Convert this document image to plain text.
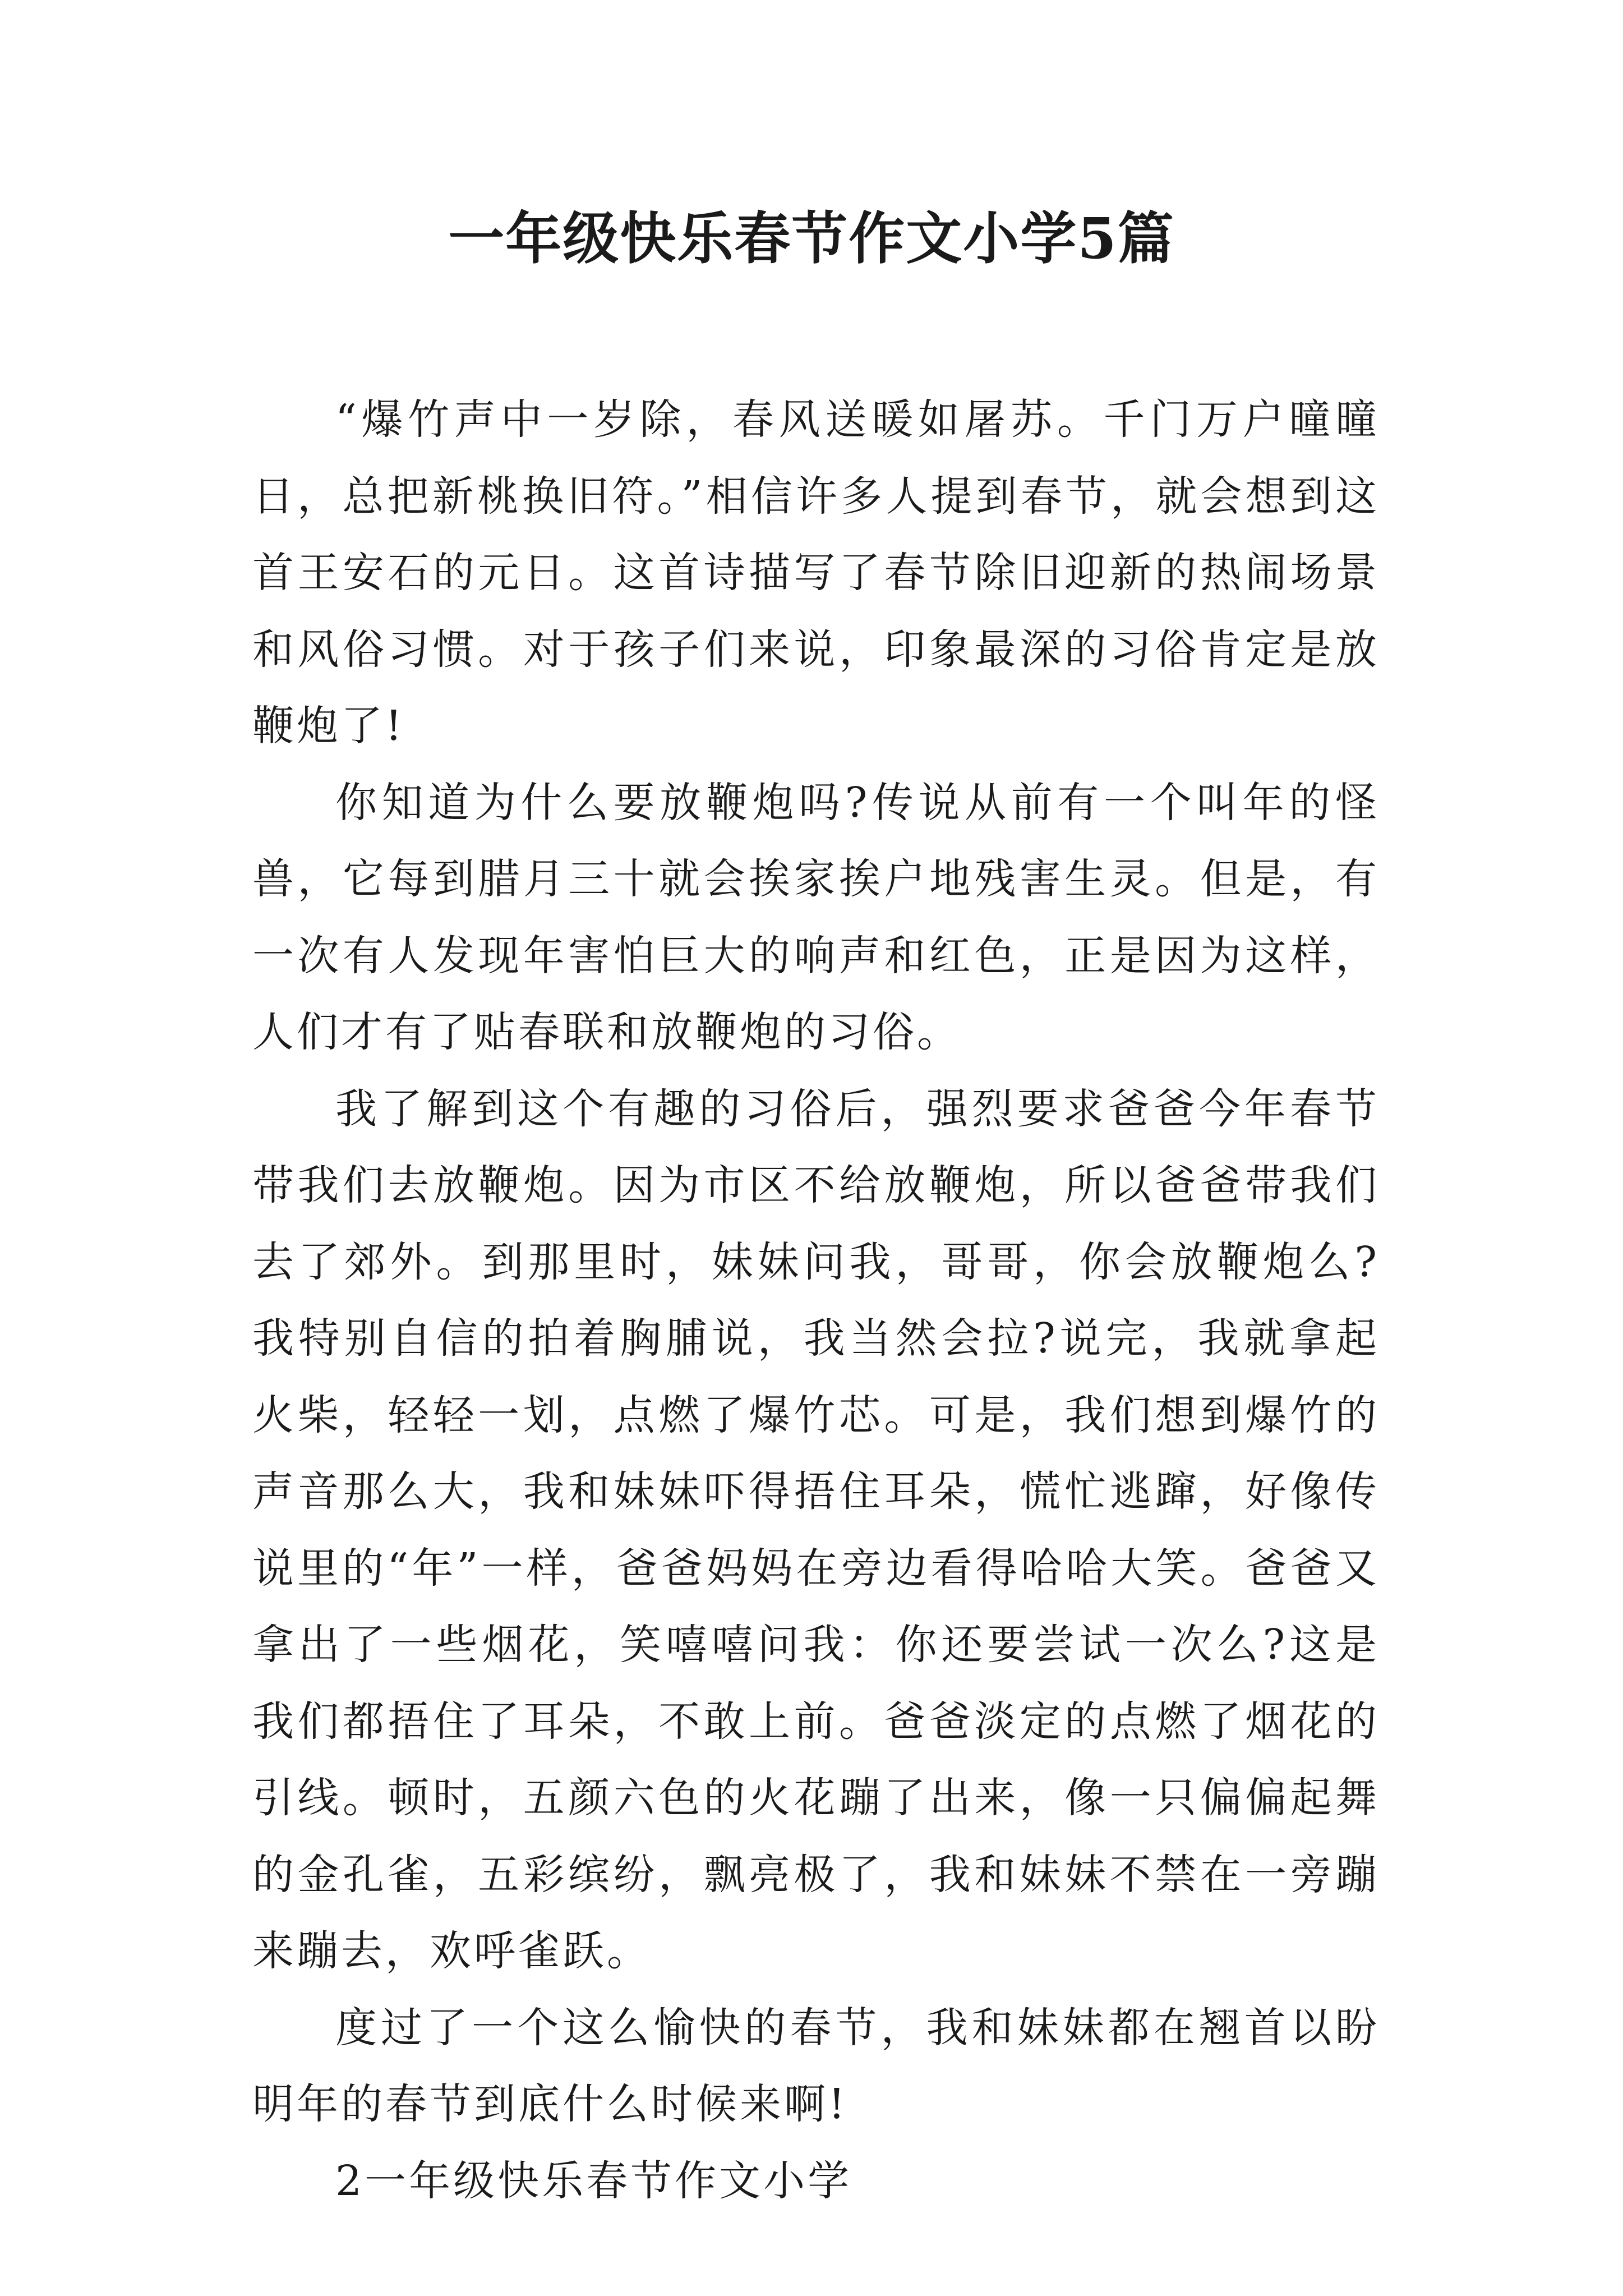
一年级快乐春节作文小学5篇

“爆竹声中一岁除，春风送暖如屠苏。千门万户曈曈日，总把新桃换旧符。”相信许多人提到春节，就会想到这首王安石的元日。这首诗描写了春节除旧迎新的热闹场景和风俗习惯。对于孩子们来说，印象最深的习俗肯定是放鞭炮了!

你知道为什么要放鞭炮吗?传说从前有一个叫年的怪兽，它每到腊月三十就会挨家挨户地残害生灵。但是，有一次有人发现年害怕巨大的响声和红色，正是因为这样，人们才有了贴春联和放鞭炮的习俗。

我了解到这个有趣的习俗后，强烈要求爸爸今年春节带我们去放鞭炮。因为市区不给放鞭炮，所以爸爸带我们去了郊外。到那里时，妹妹问我，哥哥，你会放鞭炮么?我特别自信的拍着胸脯说，我当然会拉?说完，我就拿起火柴，轻轻一划，点燃了爆竹芯。可是，我们想到爆竹的声音那么大，我和妹妹吓得捂住耳朵，慌忙逃蹿，好像传说里的“年”一样，爸爸妈妈在旁边看得哈哈大笑。爸爸又拿出了一些烟花，笑嘻嘻问我：你还要尝试一次么?这是我们都捂住了耳朵，不敢上前。爸爸淡定的点燃了烟花的引线。顿时，五颜六色的火花蹦了出来，像一只偏偏起舞的金孔雀，五彩缤纷，飘亮极了，我和妹妹不禁在一旁蹦来蹦去，欢呼雀跃。

度过了一个这么愉快的春节，我和妹妹都在翘首以盼明年的春节到底什么时候来啊!

2一年级快乐春节作文小学
